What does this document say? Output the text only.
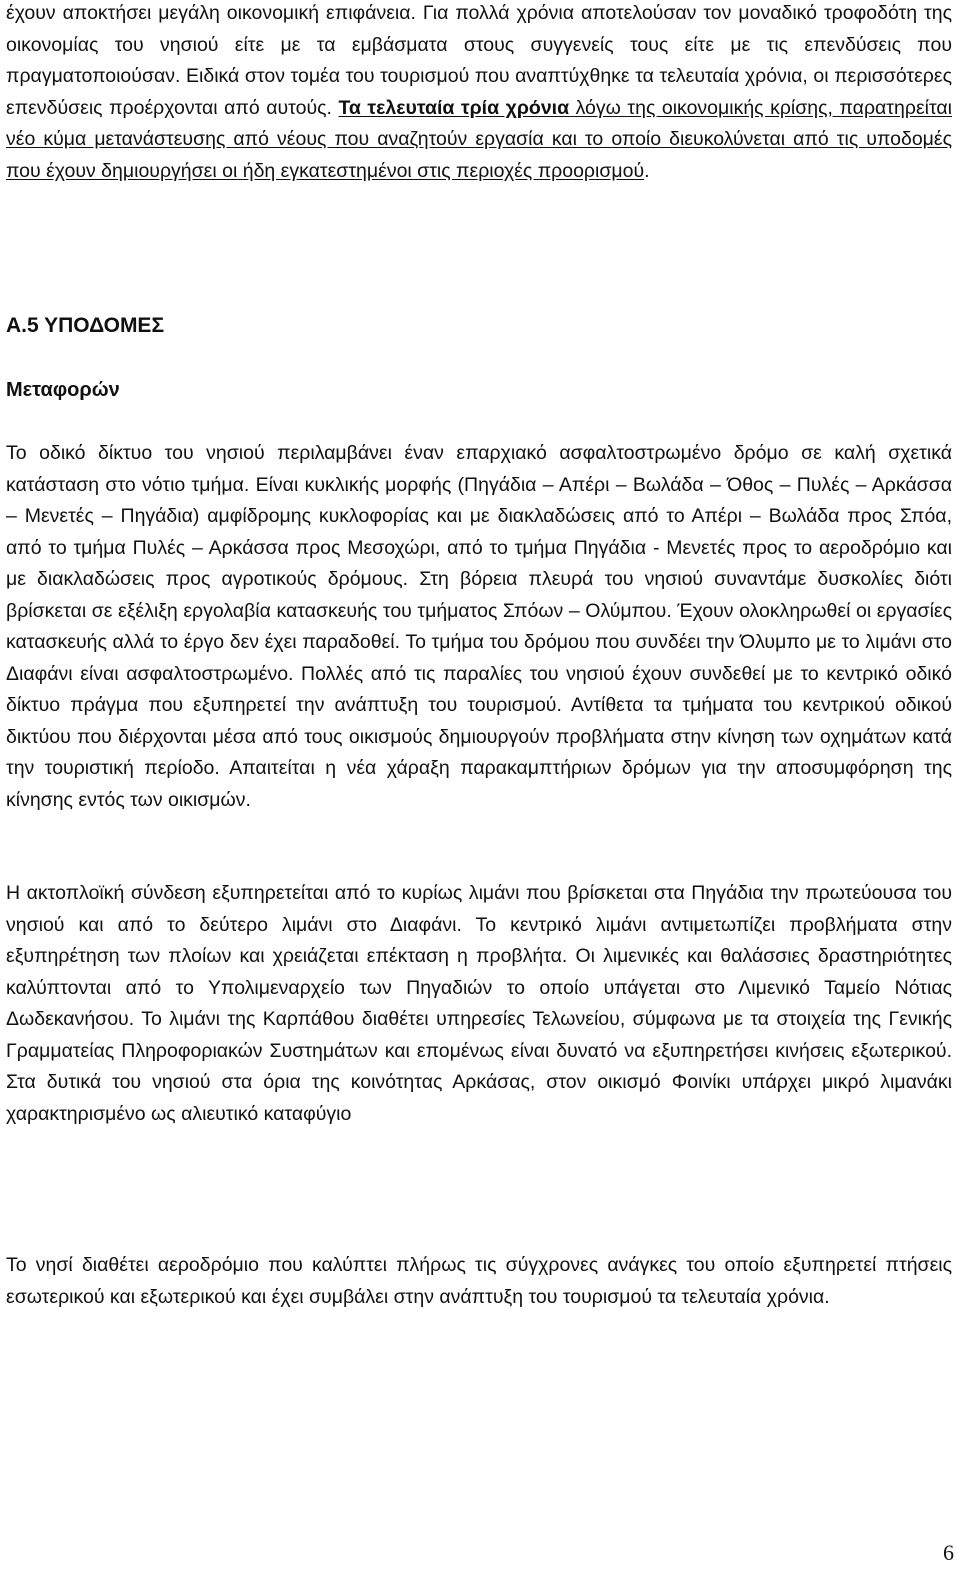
έχουν αποκτήσει μεγάλη οικονομική επιφάνεια. Για πολλά χρόνια αποτελούσαν τον μοναδικό τροφοδότη της οικονομίας του νησιού είτε με τα εμβάσματα στους συγγενείς τους είτε με τις επενδύσεις που πραγματοποιούσαν. Ειδικά στον τομέα του τουρισμού που αναπτύχθηκε τα τελευταία χρόνια, οι περισσότερες επενδύσεις προέρχονται από αυτούς. Τα τελευταία τρία χρόνια λόγω της οικονομικής κρίσης, παρατηρείται νέο κύμα μετανάστευσης από νέους που αναζητούν εργασία και το οποίο διευκολύνεται από τις υποδομές που έχουν δημιουργήσει οι ήδη εγκατεστημένοι στις περιοχές προορισμού.

Α.5 ΥΠΟΔΟΜΕΣ
Μεταφορών

Το οδικό δίκτυο του νησιού περιλαμβάνει έναν επαρχιακό ασφαλτοστρωμένο δρόμο σε καλή σχετικά κατάσταση στο νότιο τμήμα. Είναι κυκλικής μορφής (Πηγάδια – Απέρι – Βωλάδα – Όθος – Πυλές – Αρκάσσα – Μενετές – Πηγάδια) αμφίδρομης κυκλοφορίας και με διακλαδώσεις από το Απέρι – Βωλάδα προς Σπόα, από το τμήμα Πυλές – Αρκάσσα προς Μεσοχώρι, από το τμήμα Πηγάδια - Μενετές προς το αεροδρόμιο και με διακλαδώσεις προς αγροτικούς δρόμους. Στη βόρεια πλευρά του νησιού συναντάμε δυσκολίες διότι βρίσκεται σε εξέλιξη εργολαβία κατασκευής του τμήματος Σπόων – Ολύμπου. Έχουν ολοκληρωθεί οι εργασίες κατασκευής αλλά το έργο δεν έχει παραδοθεί. Το τμήμα του δρόμου που συνδέει την Όλυμπο με το λιμάνι στο Διαφάνι είναι ασφαλτοστρωμένο. Πολλές από τις παραλίες του νησιού έχουν συνδεθεί με το κεντρικό οδικό δίκτυο πράγμα που εξυπηρετεί την ανάπτυξη του τουρισμού. Αντίθετα τα τμήματα του κεντρικού οδικού δικτύου που διέρχονται μέσα από τους οικισμούς δημιουργούν προβλήματα στην κίνηση των οχημάτων κατά την τουριστική περίοδο. Απαιτείται η νέα χάραξη παρακαμπτήριων δρόμων για την αποσυμφόρηση της κίνησης εντός των οικισμών.

Η ακτοπλοϊκή σύνδεση εξυπηρετείται από το κυρίως λιμάνι που βρίσκεται στα Πηγάδια την πρωτεύουσα του νησιού και από το δεύτερο λιμάνι στο Διαφάνι. Το κεντρικό λιμάνι αντιμετωπίζει προβλήματα στην εξυπηρέτηση των πλοίων και χρειάζεται επέκταση η προβλήτα. Οι λιμενικές και θαλάσσιες δραστηριότητες καλύπτονται από το Υπολιμεναρχείο των Πηγαδιών το οποίο υπάγεται στο Λιμενικό Ταμείο Νότιας Δωδεκανήσου. Το λιμάνι της Καρπάθου διαθέτει υπηρεσίες Τελωνείου, σύμφωνα με τα στοιχεία της Γενικής Γραμματείας Πληροφοριακών Συστημάτων και επομένως είναι δυνατό να εξυπηρετήσει κινήσεις εξωτερικού. Στα δυτικά του νησιού στα όρια της κοινότητας Αρκάσας, στον οικισμό Φοινίκι υπάρχει μικρό λιμανάκι χαρακτηρισμένο ως αλιευτικό καταφύγιο

Το νησί διαθέτει αεροδρόμιο που καλύπτει πλήρως τις σύγχρονες ανάγκες του οποίο εξυπηρετεί πτήσεις εσωτερικού και εξωτερικού και έχει συμβάλει στην ανάπτυξη του τουρισμού τα τελευταία χρόνια.

6
